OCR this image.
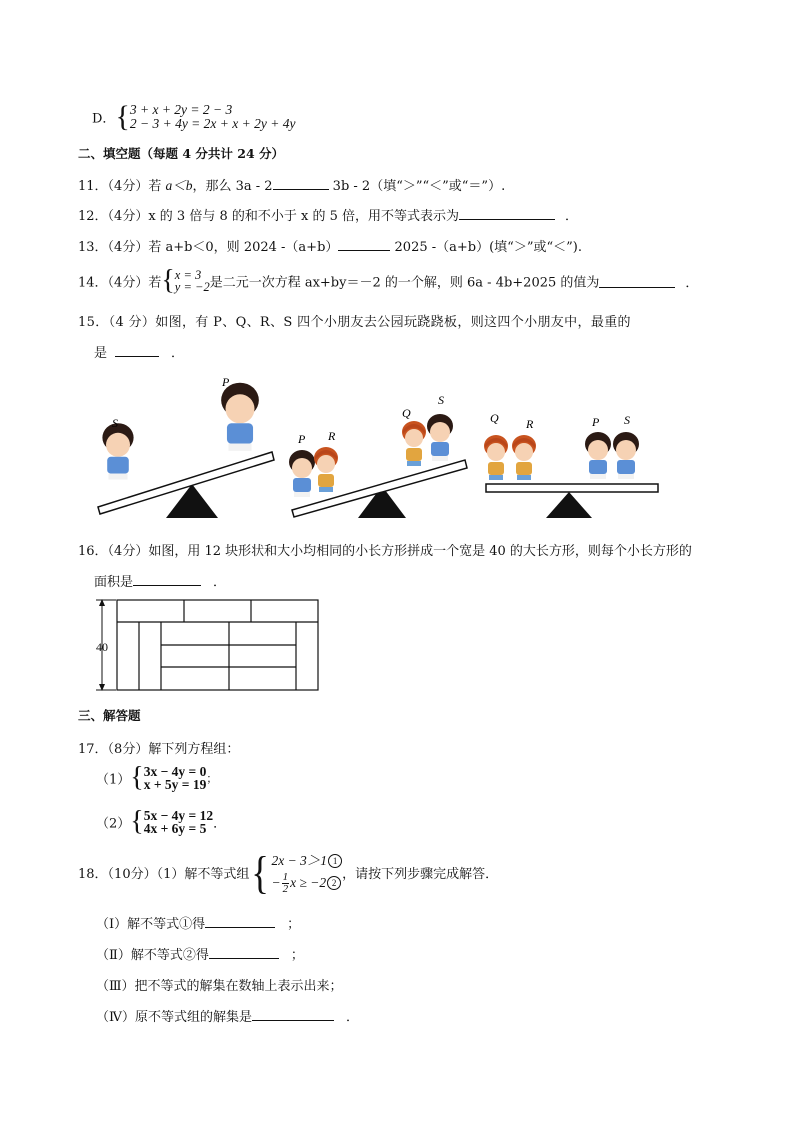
D．{ 3 + x + 2y = 2 − 3
2 − 3 + 4y = 2x + x + 2y + 4y
二、填空题（每题 4 分共计 24 分）
11．（4分）若 a＜b，那么 3a - 2	3b - 2（填“＞”“＜”或“＝”）.
12．（4分）x 的 3 倍与 8 的和不小于 x 的 5 倍，用不等式表示为	．
13．（4分）若 a+b＜0，则 2024 -（a+b）	2025 -（a+b）(填“＞”或“＜”).
14．（4分）若{ x = 3
y = −2 是二元一次方程 ax+by＝－2 的一个解，则 6a - 4b+2025 的值为	．
15．（4 分）如图，有 P、Q、R、S 四个小朋友去公园玩跷跷板，则这四个小朋友中，最重的
是	．
S
P
P R
Q
S
Q R	P S
16．（4分）如图，用 12 块形状和大小均相同的小长方形拼成一个宽是 40 的大长方形，则每个小长方形的
面积是	．
40
三、解答题
17．（8分）解下列方程组：
（1）{ 3x − 4y = 0
x + 5y = 19 ；
（2）{ 5x − 4y = 12
4x + 6y = 5 ．
18．（10分）（1）解不等式组{ 2x − 3＞1 1
− $\frac{1}{2}$ x ≥ −2 2
，请按下列步骤完成解答．
（Ⅰ）解不等式①得	；
（Ⅱ）解不等式②得	；
（Ⅲ）把不等式的解集在数轴上表示出来；
（Ⅳ）原不等式组的解集是	．
